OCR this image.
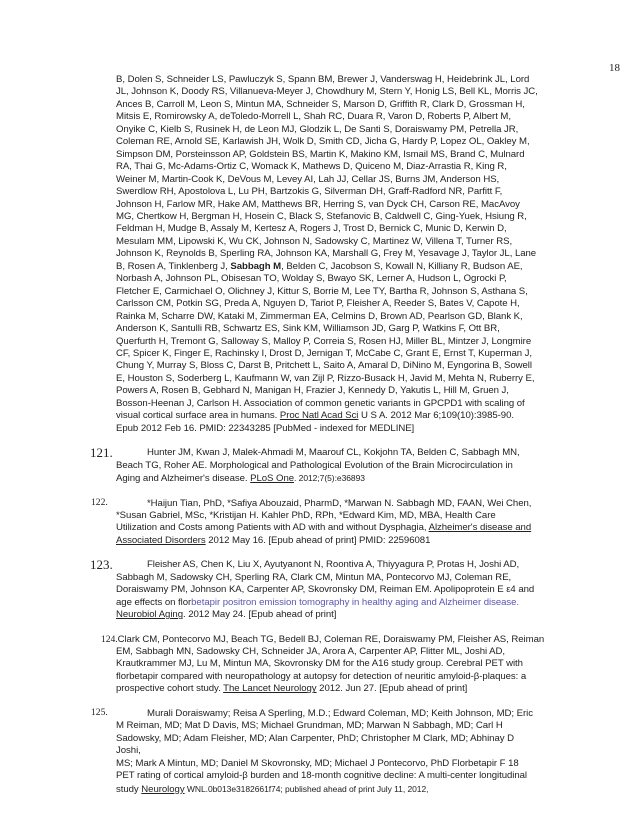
18
B, Dolen S, Schneider LS, Pawluczyk S, Spann BM, Brewer J, Vanderswag H, Heidebrink JL, Lord
JL, Johnson K, Doody RS, Villanueva-Meyer J, Chowdhury M, Stern Y, Honig LS, Bell KL, Morris JC,
Ances B, Carroll M, Leon S, Mintun MA, Schneider S, Marson D, Griffith R, Clark D, Grossman H,
Mitsis E, Romirowsky A, deToledo-Morrell L, Shah RC, Duara R, Varon D, Roberts P, Albert M,
Onyike C, Kielb S, Rusinek H, de Leon MJ, Glodzik L, De Santi S, Doraiswamy PM, Petrella JR,
Coleman RE, Arnold SE, Karlawish JH, Wolk D, Smith CD, Jicha G, Hardy P, Lopez OL, Oakley M,
Simpson DM, Porsteinsson AP, Goldstein BS, Martin K, Makino KM, Ismail MS, Brand C, Mulnard
RA, Thai G, Mc-Adams-Ortiz C, Womack K, Mathews D, Quiceno M, Diaz-Arrastia R, King R,
Weiner M, Martin-Cook K, DeVous M, Levey AI, Lah JJ, Cellar JS, Burns JM, Anderson HS,
Swerdlow RH, Apostolova L, Lu PH, Bartzokis G, Silverman DH, Graff-Radford NR, Parfitt F,
Johnson H, Farlow MR, Hake AM, Matthews BR, Herring S, van Dyck CH, Carson RE, MacAvoy
MG, Chertkow H, Bergman H, Hosein C, Black S, Stefanovic B, Caldwell C, Ging-Yuek, Hsiung R,
Feldman H, Mudge B, Assaly M, Kertesz A, Rogers J, Trost D, Bernick C, Munic D, Kerwin D,
Mesulam MM, Lipowski K, Wu CK, Johnson N, Sadowsky C, Martinez W, Villena T, Turner RS,
Johnson K, Reynolds B, Sperling RA, Johnson KA, Marshall G, Frey M, Yesavage J, Taylor JL, Lane
B, Rosen A, Tinklenberg J, Sabbagh M, Belden C, Jacobson S, Kowall N, Killiany R, Budson AE,
Norbash A, Johnson PL, Obisesan TO, Wolday S, Bwayo SK, Lerner A, Hudson L, Ogrocki P,
Fletcher E, Carmichael O, Olichney J, Kittur S, Borrie M, Lee TY, Bartha R, Johnson S, Asthana S,
Carlsson CM, Potkin SG, Preda A, Nguyen D, Tariot P, Fleisher A, Reeder S, Bates V, Capote H,
Rainka M, Scharre DW, Kataki M, Zimmerman EA, Celmins D, Brown AD, Pearlson GD, Blank K,
Anderson K, Santulli RB, Schwartz ES, Sink KM, Williamson JD, Garg P, Watkins F, Ott BR,
Querfurth H, Tremont G, Salloway S, Malloy P, Correia S, Rosen HJ, Miller BL, Mintzer J, Longmire
CF, Spicer K, Finger E, Rachinsky I, Drost D, Jernigan T, McCabe C, Grant E, Ernst T, Kuperman J,
Chung Y, Murray S, Bloss C, Darst B, Pritchett L, Saito A, Amaral D, DiNino M, Eyngorina B, Sowell
E, Houston S, Soderberg L, Kaufmann W, van Zijl P, Rizzo-Busack H, Javid M, Mehta N, Ruberry E,
Powers A, Rosen B, Gebhard N, Manigan H, Frazier J, Kennedy D, Yakutis L, Hill M, Gruen J,
Bosson-Heenan J, Carlson H. Association of common genetic variants in GPCPD1 with scaling of
visual cortical surface area in humans. Proc Natl Acad Sci U S A. 2012 Mar 6;109(10):3985-90.
Epub 2012 Feb 16. PMID: 22343285 [PubMed - indexed for MEDLINE]
121.	Hunter JM, Kwan J, Malek-Ahmadi M, Maarouf CL, Kokjohn TA, Belden C, Sabbagh MN,
Beach TG, Roher AE. Morphological and Pathological Evolution of the Brain Microcirculation in
Aging and Alzheimer's disease. PLoS One. 2012;7(5):e36893
122.	*Haijun Tian, PhD, *Safiya Abouzaid, PharmD, *Marwan N. Sabbagh MD, FAAN, Wei Chen,
*Susan Gabriel, MSc, *Kristijan H. Kahler PhD, RPh, *Edward Kim, MD, MBA, Health Care
Utilization and Costs among Patients with AD with and without Dysphagia, Alzheimer's disease and
Associated Disorders 2012 May 16. [Epub ahead of print] PMID: 22596081
123.	Fleisher AS, Chen K, Liu X, Ayutyanont N, Roontiva A, Thiyyagura P, Protas H, Joshi AD,
Sabbagh M, Sadowsky CH, Sperling RA, Clark CM, Mintun MA, Pontecorvo MJ, Coleman RE,
Doraiswamy PM, Johnson KA, Carpenter AP, Skovronsky DM, Reiman EM. Apolipoprotein E ε4 and
age effects on florbetapir positron emission tomography in healthy aging and Alzheimer disease.
Neurobiol Aging. 2012 May 24. [Epub ahead of print]
124.Clark CM, Pontecorvo MJ, Beach TG, Bedell BJ, Coleman RE, Doraiswamy PM, Fleisher AS, Reiman
EM, Sabbagh MN, Sadowsky CH, Schneider JA, Arora A, Carpenter AP, Flitter ML, Joshi AD,
Krautkrammer MJ, Lu M, Mintun MA, Skovronsky DM for the A16 study group. Cerebral PET with
florbetapir compared with neuropathology at autopsy for detection of neuritic amyloid-β-plaques: a
prospective cohort study. The Lancet Neurology 2012. Jun 27. [Epub ahead of print]
125.	Murali Doraiswamy; Reisa A Sperling, M.D.; Edward Coleman, MD; Keith Johnson, MD; Eric
M Reiman, MD; Mat D Davis, MS; Michael Grundman, MD; Marwan N Sabbagh, MD; Carl H
Sadowsky, MD; Adam Fleisher, MD; Alan Carpenter, PhD; Christopher M Clark, MD; Abhinay D
Joshi,
MS; Mark A Mintun, MD; Daniel M Skovronsky, MD; Michael J Pontecorvo, PhD Florbetapir F 18
PET rating of cortical amyloid-β burden and 18-month cognitive decline: A multi-center longitudinal
study Neurology WNL.0b013e3182661f74; published ahead of print July 11, 2012,
